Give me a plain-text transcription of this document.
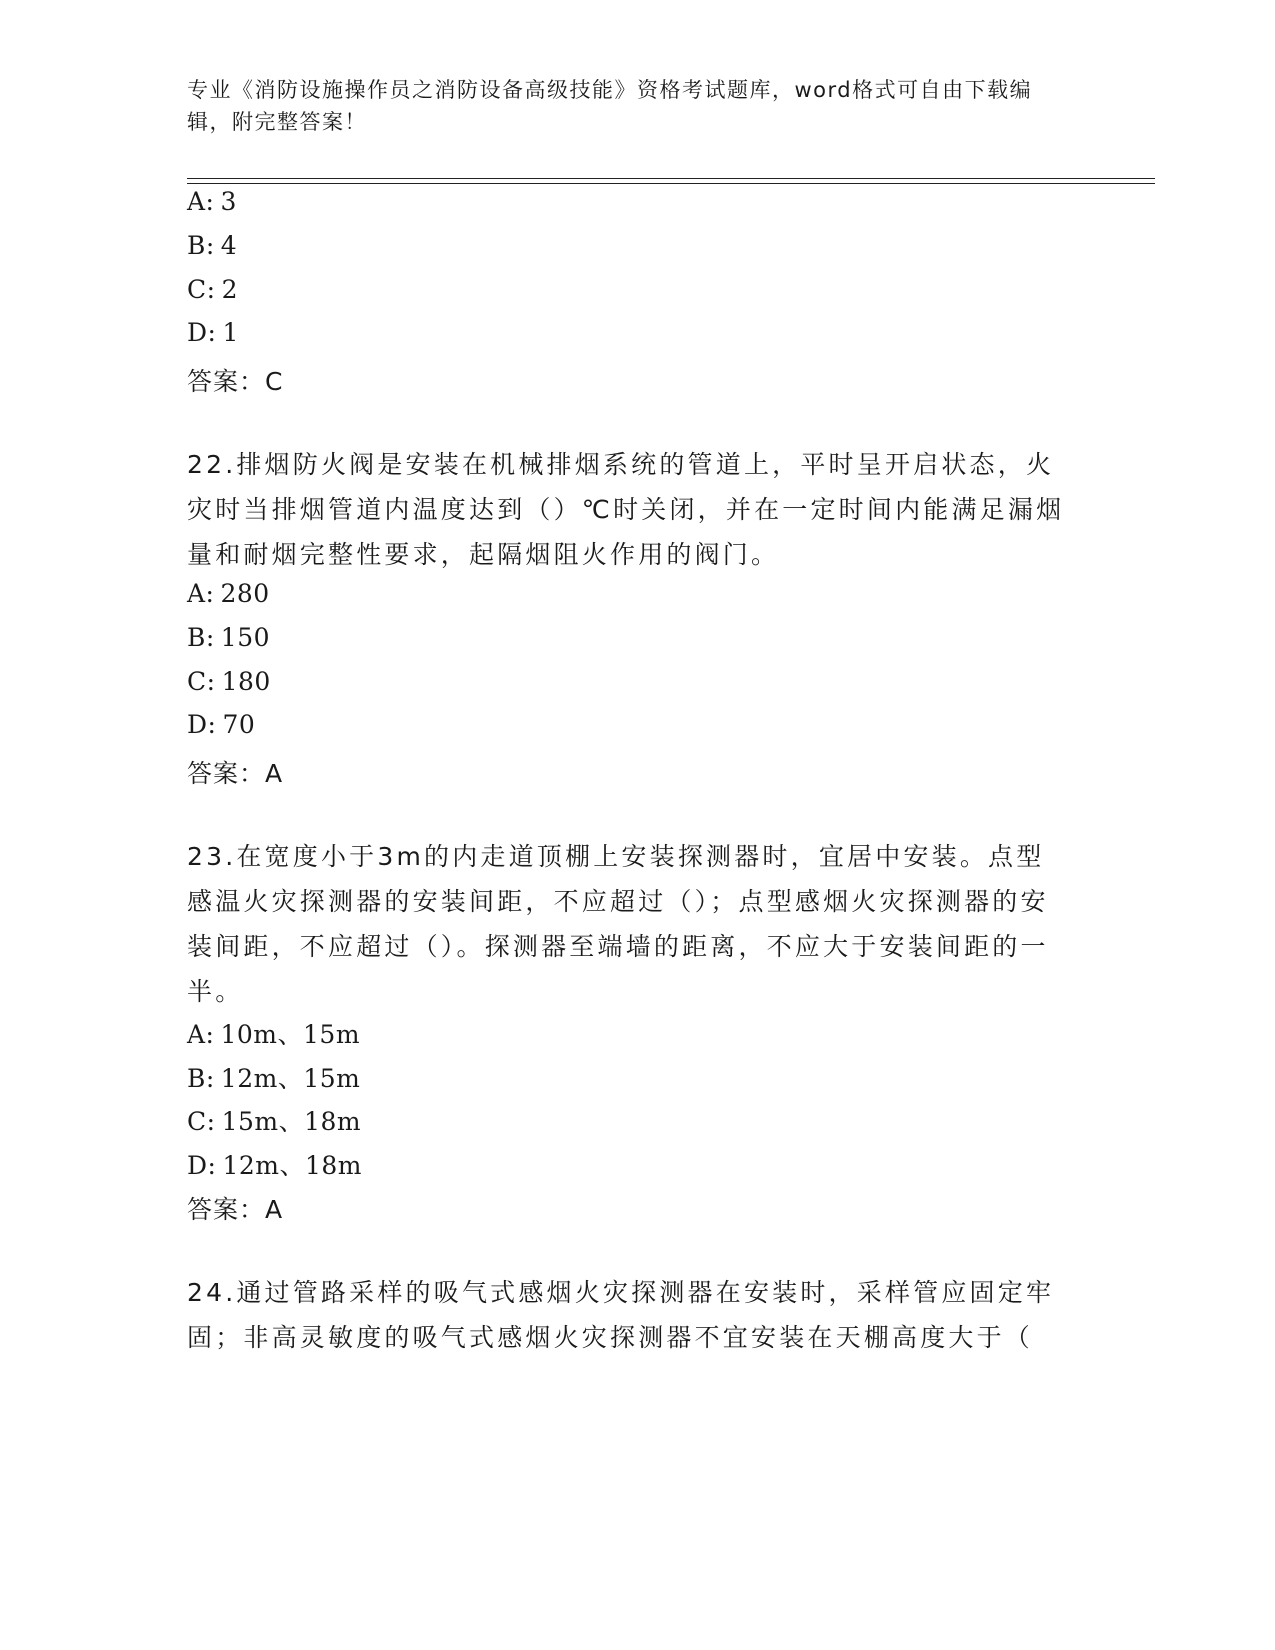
专业《消防设施操作员之消防设备高级技能》资格考试题库，word格式可自由下载编辑，附完整答案！
A: 3
B: 4
C: 2
D: 1
答案：C
22.排烟防火阀是安装在机械排烟系统的管道上，平时呈开启状态，火灾时当排烟管道内温度达到（）℃时关闭，并在一定时间内能满足漏烟量和耐烟完整性要求，起隔烟阻火作用的阀门。
A: 280
B: 150
C: 180
D: 70
答案：A
23.在宽度小于3m的内走道顶棚上安装探测器时，宜居中安装。点型感温火灾探测器的安装间距，不应超过（）；点型感烟火灾探测器的安装间距，不应超过（）。探测器至端墙的距离，不应大于安装间距的一半。
A: 10m、15m
B: 12m、15m
C: 15m、18m
D: 12m、18m
答案：A
24.通过管路采样的吸气式感烟火灾探测器在安装时，采样管应固定牢固；非高灵敏度的吸气式感烟火灾探测器不宜安装在天棚高度大于（
